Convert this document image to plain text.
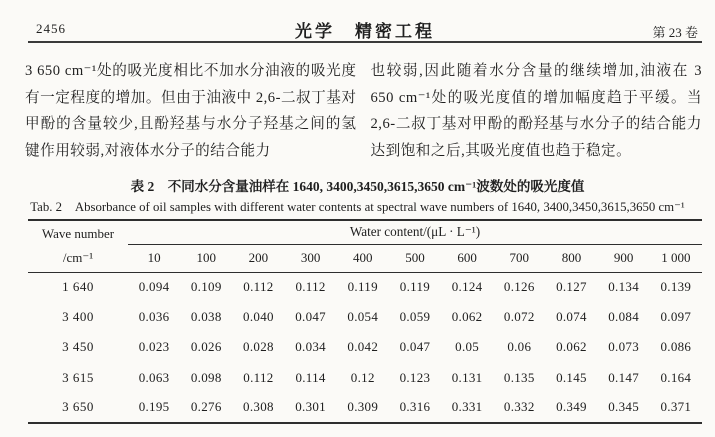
2456	光学　精密工程	第 23 卷
3 650 cm⁻¹处的吸光度相比不加水分油液的吸光度有一定程度的增加。但由于油液中 2,6-二叔丁基对甲酚的含量较少,且酚羟基与水分子羟基之间的氢键作用较弱,对液体水分子的结合能力
也较弱,因此随着水分含量的继续增加,油液在 3 650 cm⁻¹处的吸光度值的增加幅度趋于平缓。当 2,6-二叔丁基对甲酚的酚羟基与水分子的结合能力达到饱和之后,其吸光度值也趋于稳定。
表 2　不同水分含量油样在 1640, 3400,3450,3615,3650 cm⁻¹波数处的吸光度值
Tab. 2　Absorbance of oil samples with different water contents at spectral wave numbers of 1640, 3400,3450,3615,3650 cm⁻¹
Wave number
/cm⁻¹	Water content/(μL · L⁻¹)										
	10	100	200	300	400	500	600	700	800	900	1 000
1 640	0.094	0.109	0.112	0.112	0.119	0.119	0.124	0.126	0.127	0.134	0.139
3 400	0.036	0.038	0.040	0.047	0.054	0.059	0.062	0.072	0.074	0.084	0.097
3 450	0.023	0.026	0.028	0.034	0.042	0.047	0.05	0.06	0.062	0.073	0.086
3 615	0.063	0.098	0.112	0.114	0.12	0.123	0.131	0.135	0.145	0.147	0.164
3 650	0.195	0.276	0.308	0.301	0.309	0.316	0.331	0.332	0.349	0.345	0.371
